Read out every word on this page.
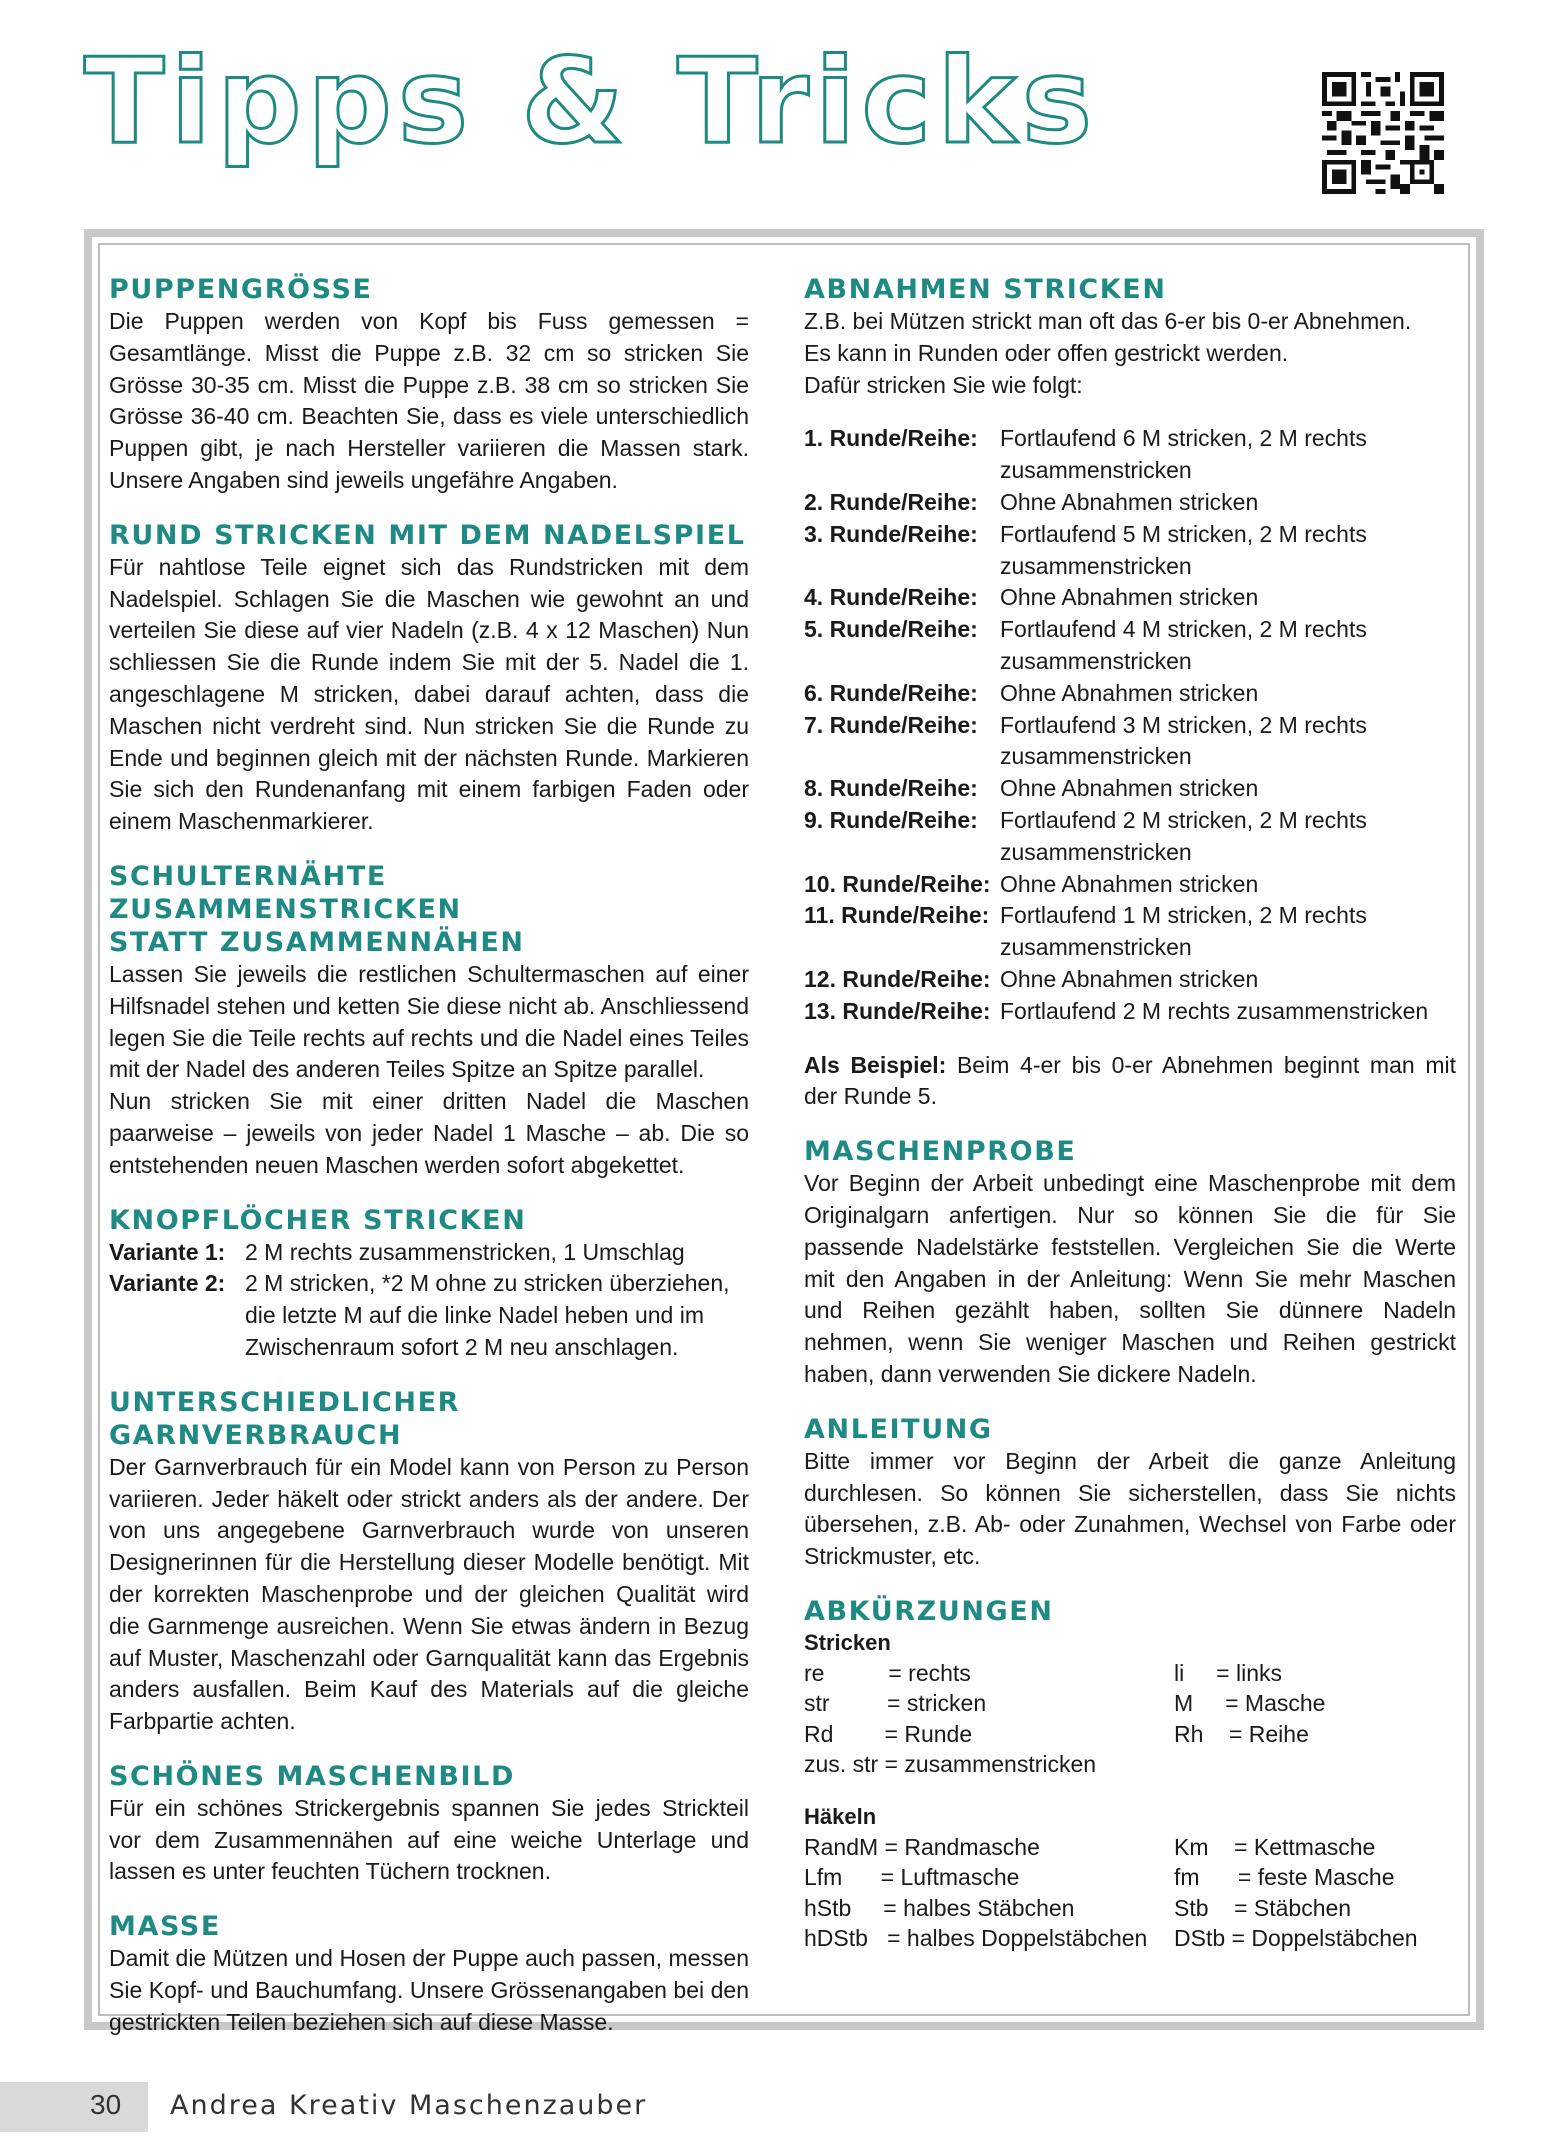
Tipps & Tricks
PUPPENGRÖSSE

Die Puppen werden von Kopf bis Fuss gemessen = Gesamtlänge. Misst die Puppe z.B. 32 cm so stricken Sie Grösse 30-35 cm. Misst die Puppe z.B. 38 cm so stricken Sie Grösse 36-40 cm. Beachten Sie, dass es viele unterschiedlich Puppen gibt, je nach Hersteller variieren die Massen stark. Unsere Angaben sind jeweils ungefähre Angaben.

RUND STRICKEN MIT DEM NADELSPIEL

Für nahtlose Teile eignet sich das Rundstricken mit dem Nadelspiel. Schlagen Sie die Maschen wie gewohnt an und verteilen Sie diese auf vier Nadeln (z.B. 4 x 12 Maschen) Nun schliessen Sie die Runde indem Sie mit der 5. Nadel die 1. angeschlagene M stricken, dabei darauf achten, dass die Maschen nicht verdreht sind. Nun stricken Sie die Runde zu Ende und beginnen gleich mit der nächsten Runde. Markieren Sie sich den Rundenanfang mit einem farbigen Faden oder einem Maschenmarkierer.

SCHULTERNÄHTE ZUSAMMENSTRICKEN
STATT ZUSAMMENNÄHEN

Lassen Sie jeweils die restlichen Schultermaschen auf einer Hilfsnadel stehen und ketten Sie diese nicht ab. Anschliessend legen Sie die Teile rechts auf rechts und die Nadel eines Teiles mit der Nadel des anderen Teiles Spitze an Spitze parallel.

Nun stricken Sie mit einer dritten Nadel die Maschen paarweise – jeweils von jeder Nadel 1 Masche – ab. Die so entstehenden neuen Maschen werden sofort abgekettet.

KNOPFLÖCHER STRICKEN
Variante 1: 2 M rechts zusammenstricken, 1 Umschlag
Variante 2: 2 M stricken, *2 M ohne zu stricken überziehen, die letzte M auf die linke Nadel heben und im Zwischenraum sofort 2 M neu anschlagen.
UNTERSCHIEDLICHER GARNVERBRAUCH

Der Garnverbrauch für ein Model kann von Person zu Person variieren. Jeder häkelt oder strickt anders als der andere. Der von uns angegebene Garnverbrauch wurde von unseren Designerinnen für die Herstellung dieser Modelle benötigt. Mit der korrekten Maschenprobe und der gleichen Qualität wird die Garnmenge ausreichen. Wenn Sie etwas ändern in Bezug auf Muster, Maschenzahl oder Garnqualität kann das Ergebnis anders ausfallen. Beim Kauf des Materials auf die gleiche Farbpartie achten.

SCHÖNES MASCHENBILD

Für ein schönes Strickergebnis spannen Sie jedes Strickteil vor dem Zusammennähen auf eine weiche Unterlage und lassen es unter feuchten Tüchern trocknen.

MASSE

Damit die Mützen und Hosen der Puppe auch passen, messen Sie Kopf- und Bauchumfang. Unsere Grössenangaben bei den gestrickten Teilen beziehen sich auf diese Masse.

ABNAHMEN STRICKEN
Z.B. bei Mützen strickt man oft das 6-er bis 0-er Abnehmen.
Es kann in Runden oder offen gestrickt werden.
Dafür stricken Sie wie folgt:
1. Runde/Reihe: Fortlaufend 6 M stricken, 2 M rechts zusammenstricken
2. Runde/Reihe: Ohne Abnahmen stricken
3. Runde/Reihe: Fortlaufend 5 M stricken, 2 M rechts zusammenstricken
4. Runde/Reihe: Ohne Abnahmen stricken
5. Runde/Reihe: Fortlaufend 4 M stricken, 2 M rechts zusammenstricken
6. Runde/Reihe: Ohne Abnahmen stricken
7. Runde/Reihe: Fortlaufend 3 M stricken, 2 M rechts zusammenstricken
8. Runde/Reihe: Ohne Abnahmen stricken
9. Runde/Reihe: Fortlaufend 2 M stricken, 2 M rechts zusammenstricken
10. Runde/Reihe: Ohne Abnahmen stricken
11. Runde/Reihe: Fortlaufend 1 M stricken, 2 M rechts zusammenstricken
12. Runde/Reihe: Ohne Abnahmen stricken
13. Runde/Reihe: Fortlaufend 2 M rechts zusammenstricken

Als Beispiel: Beim 4-er bis 0-er Abnehmen beginnt man mit der Runde 5.

MASCHENPROBE

Vor Beginn der Arbeit unbedingt eine Maschenprobe mit dem Originalgarn anfertigen. Nur so können Sie die für Sie passende Nadelstärke feststellen. Vergleichen Sie die Werte mit den Angaben in der Anleitung: Wenn Sie mehr Maschen und Reihen gezählt haben, sollten Sie dünnere Nadeln nehmen, wenn Sie weniger Maschen und Reihen gestrickt haben, dann verwenden Sie dickere Nadeln.

ANLEITUNG

Bitte immer vor Beginn der Arbeit die ganze Anleitung durchlesen. So können Sie sicherstellen, dass Sie nichts übersehen, z.B. Ab- oder Zunahmen, Wechsel von Farbe oder Strickmuster, etc.

ABKÜRZUNGEN
Stricken
re          = rechts	li     = links
str         = stricken	M     = Masche
Rd        = Runde	Rh    = Reihe
zus. str = zusammenstricken
Häkeln
RandM = Randmasche	Km    = Kettmasche
Lfm      = Luftmasche	fm      = feste Masche
hStb     = halbes Stäbchen	Stb    = Stäbchen
hDStb   = halbes Doppelstäbchen	DStb = Doppelstäbchen
30 Andrea Kreativ Maschenzauber
